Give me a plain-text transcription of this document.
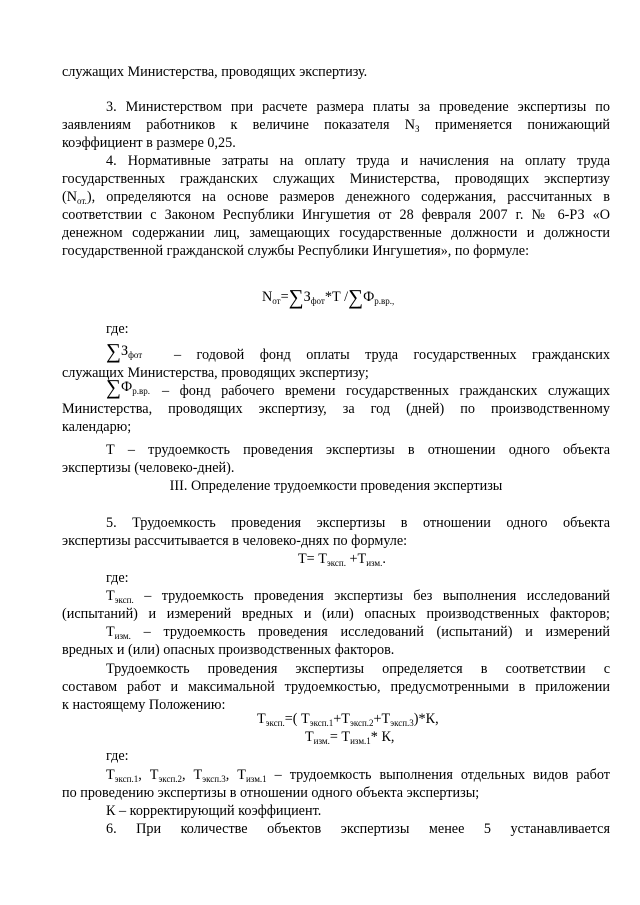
служащих Министерства, проводящих экспертизу.
3. Министерством при расчете размера платы за проведение экспертизы по
заявлениям работников к величине показателя $N_З$ применяется понижающий
коэффициент в размере 0,25.
4. Нормативные затраты на оплату труда и начисления на оплату труда
государственных гражданских служащих Министерства, проводящих экспертизу
$(N_{от.})$, определяются на основе размеров денежного содержания, рассчитанных в
соответствии с Законом Республики Ингушетия от 28 февраля 2007 г. № 6-РЗ «О
денежном содержании лиц, замещающих государственные должности и должности
государственной гражданской службы Республики Ингушетия», по формуле:
$N_{от}=\sum З_{фот}*Т$ $/\sum Ф_{р.вр.,}$
где:
$\sum З_{фот}$ – годовой фонд оплаты труда государственных гражданских
служащих Министерства, проводящих экспертизу;
$\sum Ф_{р.вр.}$ – фонд рабочего времени государственных гражданских служащих
Министерства, проводящих экспертизу, за год (дней) по производственному
календарю;
Т – трудоемкость проведения экспертизы в отношении одного объекта
экспертизы (человеко-дней).
III. Определение трудоемкости проведения экспертизы
5. Трудоемкость проведения экспертизы в отношении одного объекта
экспертизы рассчитывается в человеко-днях по формуле:
$Т= Т_{эксп.} +Т_{изм.}$.
где:
$Т_{эксп.}$ – трудоемкость проведения экспертизы без выполнения исследований
(испытаний) и измерений вредных и (или) опасных производственных факторов;
$Т_{изм.}$ – трудоемкость проведения исследований (испытаний) и измерений
вредных и (или) опасных производственных факторов.
Трудоемкость проведения экспертизы определяется в соответствии с
составом работ и максимальной трудоемкостью, предусмотренными в приложении
к настоящему Положению:
$Т_{эксп.}=$( $Т_{эксп.1}+Т_{эксп.2}+Т_{эксп.3})*К$,
$Т_{изм.}= Т_{изм.1}*$ К,
где:
$Т_{эксп.1}$, $Т_{эксп.2}$, $Т_{эксп.3}$, $Т_{изм.1}$ – трудоемкость выполнения отдельных видов работ
по проведению экспертизы в отношении одного объекта экспертизы;
К – корректирующий коэффициент.
6. При количестве объектов экспертизы менее 5 устанавливается
